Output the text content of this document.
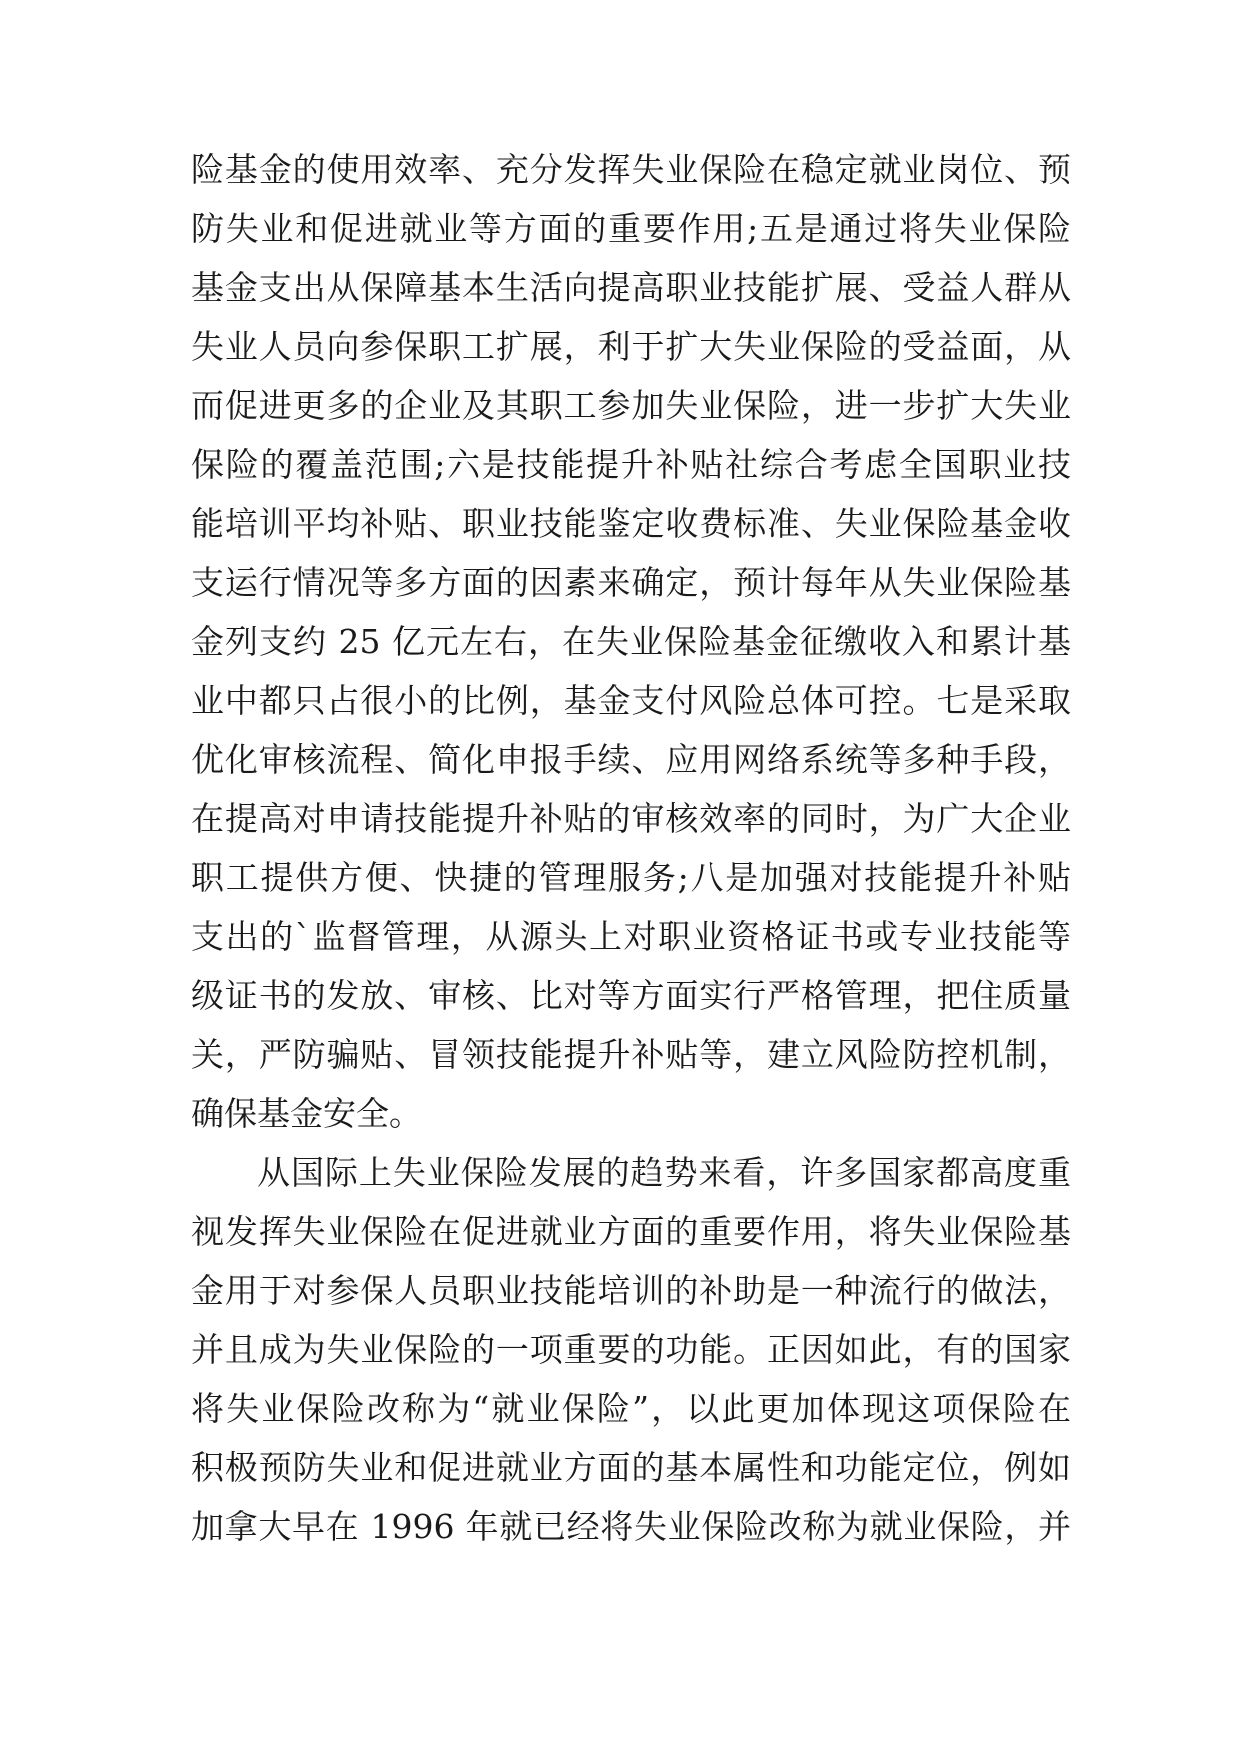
险基金的使用效率、充分发挥失业保险在稳定就业岗位、预
防失业和促进就业等方面的重要作用;五是通过将失业保险
基金支出从保障基本生活向提高职业技能扩展、受益人群从
失业人员向参保职工扩展，利于扩大失业保险的受益面，从
而促进更多的企业及其职工参加失业保险，进一步扩大失业
保险的覆盖范围;六是技能提升补贴社综合考虑全国职业技
能培训平均补贴、职业技能鉴定收费标准、失业保险基金收
支运行情况等多方面的因素来确定，预计每年从失业保险基
金列支约 25 亿元左右，在失业保险基金征缴收入和累计基
业中都只占很小的比例，基金支付风险总体可控。七是采取
优化审核流程、简化申报手续、应用网络系统等多种手段，
在提高对申请技能提升补贴的审核效率的同时，为广大企业
职工提供方便、快捷的管理服务;八是加强对技能提升补贴
支出的`监督管理，从源头上对职业资格证书或专业技能等
级证书的发放、审核、比对等方面实行严格管理，把住质量
关，严防骗贴、冒领技能提升补贴等，建立风险防控机制，
确保基金安全。
从国际上失业保险发展的趋势来看，许多国家都高度重
视发挥失业保险在促进就业方面的重要作用，将失业保险基
金用于对参保人员职业技能培训的补助是一种流行的做法，
并且成为失业保险的一项重要的功能。正因如此，有的国家
将失业保险改称为“就业保险”，以此更加体现这项保险在
积极预防失业和促进就业方面的基本属性和功能定位，例如
加拿大早在 1996 年就已经将失业保险改称为就业保险，并
